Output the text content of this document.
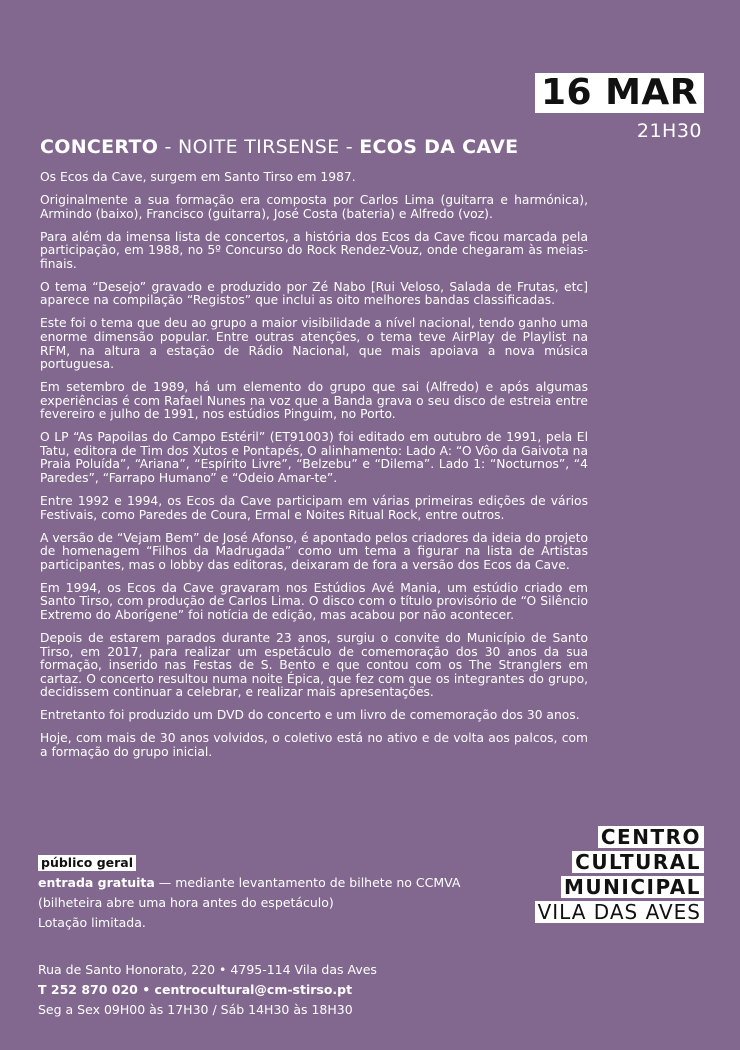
16 MAR
21H30
CONCERTO - NOITE TIRSENSE - ECOS DA CAVE

Os Ecos da Cave, surgem em Santo Tirso em 1987.

Originalmente a sua formação era composta por Carlos Lima (guitarra e harmónica), Armindo (baixo), Francisco (guitarra), José Costa (bateria) e Alfredo (voz).

Para além da imensa lista de concertos, a história dos Ecos da Cave ficou marcada pela participação, em 1988, no 5º Concurso do Rock Rendez-Vouz, onde chegaram às meias-finais.

O tema “Desejo” gravado e produzido por Zé Nabo [Rui Veloso, Salada de Frutas, etc] aparece na compilação “Registos” que inclui as oito melhores bandas classificadas.

Este foi o tema que deu ao grupo a maior visibilidade a nível nacional, tendo ganho uma enorme dimensão popular. Entre outras atenções, o tema teve AirPlay de Playlist na RFM, na altura a estação de Rádio Nacional, que mais apoiava a nova música portuguesa.

Em setembro de 1989, há um elemento do grupo que sai (Alfredo) e após algumas experiências é com Rafael Nunes na voz que a Banda grava o seu disco de estreia entre fevereiro e julho de 1991, nos estúdios Pinguim, no Porto.

O LP “As Papoilas do Campo Estéril” (ET91003) foi editado em outubro de 1991, pela El Tatu, editora de Tim dos Xutos e Pontapés, O alinhamento: Lado A: “O Vôo da Gaivota na Praia Poluída”, “Ariana”, “Espírito Livre”, “Belzebu” e “Dilema”. Lado 1: “Nocturnos”, “4 Paredes”, “Farrapo Humano” e “Odeio Amar-te”.

Entre 1992 e 1994, os Ecos da Cave participam em várias primeiras edições de vários Festivais, como Paredes de Coura, Ermal e Noites Ritual Rock, entre outros.

A versão de “Vejam Bem” de José Afonso, é apontado pelos criadores da ideia do projeto de homenagem “Filhos da Madrugada” como um tema a figurar na lista de Artistas participantes, mas o lobby das editoras, deixaram de fora a versão dos Ecos da Cave.

Em 1994, os Ecos da Cave gravaram nos Estúdios Avé Mania, um estúdio criado em Santo Tirso, com produção de Carlos Lima. O disco com o título provisório de “O Silêncio Extremo do Aborígene” foi notícia de edição, mas acabou por não acontecer.

Depois de estarem parados durante 23 anos, surgiu o convite do Município de Santo Tirso, em 2017, para realizar um espetáculo de comemoração dos 30 anos da sua formação, inserido nas Festas de S. Bento e que contou com os The Stranglers em cartaz. O concerto resultou numa noite Épica, que fez com que os integrantes do grupo, decidissem continuar a celebrar, e realizar mais apresentações.

Entretanto foi produzido um DVD do concerto e um livro de comemoração dos 30 anos.

Hoje, com mais de 30 anos volvidos, o coletivo está no ativo e de volta aos palcos, com a formação do grupo inicial.

CENTRO
CULTURAL
MUNICIPAL
VILA DAS AVES
público geral
entrada gratuita — mediante levantamento de bilhete no CCMVA
(bilheteira abre uma hora antes do espetáculo)
Lotação limitada.
Rua de Santo Honorato, 220 • 4795-114 Vila das Aves
T 252 870 020 • centrocultural@cm-stirso.pt
Seg a Sex 09H00 às 17H30 / Sáb 14H30 às 18H30
